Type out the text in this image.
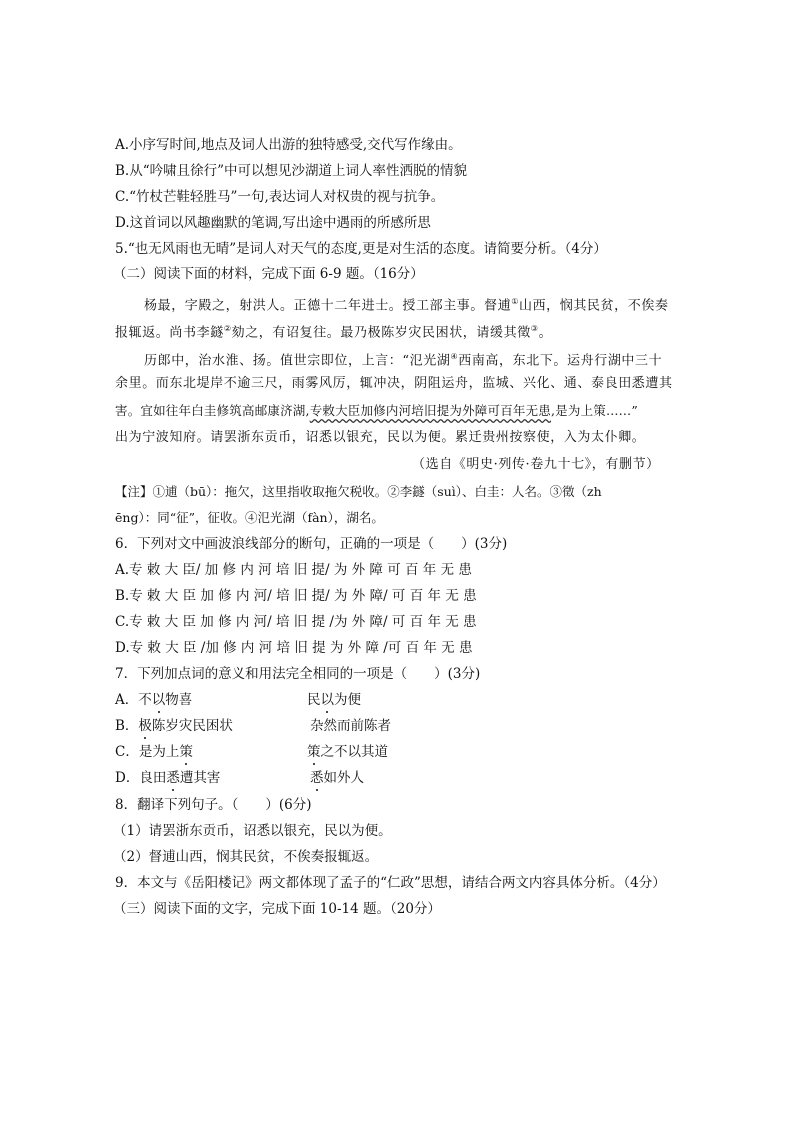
A.小序写时间,地点及词人出游的独特感受,交代写作缘由。
B.从“吟啸且徐行”中可以想见沙湖道上词人率性洒脱的情貌
C.“竹杖芒鞋轻胜马”一句,表达词人对权贵的视与抗争。
D.这首词以风趣幽默的笔调,写出途中遇雨的所感所思
5.“也无风雨也无晴”是词人对天气的态度,更是对生活的态度。请简要分析。（4分）
（二）阅读下面的材料，完成下面 6-9 题。（16分）
杨最，字殿之，射洪人。正德十二年进士。授工部主事。督逋①山西，悯其民贫，不俟奏
报辄返。尚书李鐩②劾之，有诏复往。最乃极陈岁灾民困状，请缓其徵③。
历郎中，治水淮、扬。值世宗即位，上言：“氾光湖④西南高，东北下。运舟行湖中三十
余里。而东北堤岸不逾三尺，雨雾风厉，辄冲决，阴阻运舟，监城、兴化、通、泰良田悉遭其
害。宜如往年白圭修筑高邮康济湖,专敕大臣加修内河培旧提为外障可百年无患,是为上策……”
出为宁波知府。请罢浙东贡币，诏悉以银充，民以为便。累迁贵州按察使，入为太仆卿。
（选自《明史·列传·卷九十七》，有删节）
【注】①逋（bū）：拖欠，这里指收取拖欠税收。②李鐩（suì）、白圭：人名。③徵（zh
ēng）：同“征”，征收。④氾光湖（fàn），湖名。
6．下列对文中画波浪线部分的断句，正确的一项是（　　）(3分)
A.专 敕 大 臣/ 加 修 内 河 培 旧 提/ 为 外 障 可 百 年 无 患
B.专 敕 大 臣 加 修 内 河/ 培 旧 提/ 为 外 障/ 可 百 年 无 患
C.专 敕 大 臣 加 修 内 河/ 培 旧 提 /为 外 障/ 可 百 年 无 患
D.专 敕 大 臣 /加 修 内 河 培 旧 提 为 外 障 /可 百 年 无 患
7．下列加点词的意义和用法完全相同的一项是（　　）(3分)
A．不以物喜	民以为便
B．极陈岁灾民困状	杂然而前陈者
C．是为上策	策之不以其道
D．良田悉遭其害	悉如外人
8．翻译下列句子。（　　）(6分)
（1）请罢浙东贡币，诏悉以银充，民以为便。
（2）督逋山西，悯其民贫，不俟奏报辄返。
9．本文与《岳阳楼记》两文都体现了孟子的“仁政”思想，请结合两文内容具体分析。（4分）
（三）阅读下面的文字，完成下面 10-14 题。（20分）
